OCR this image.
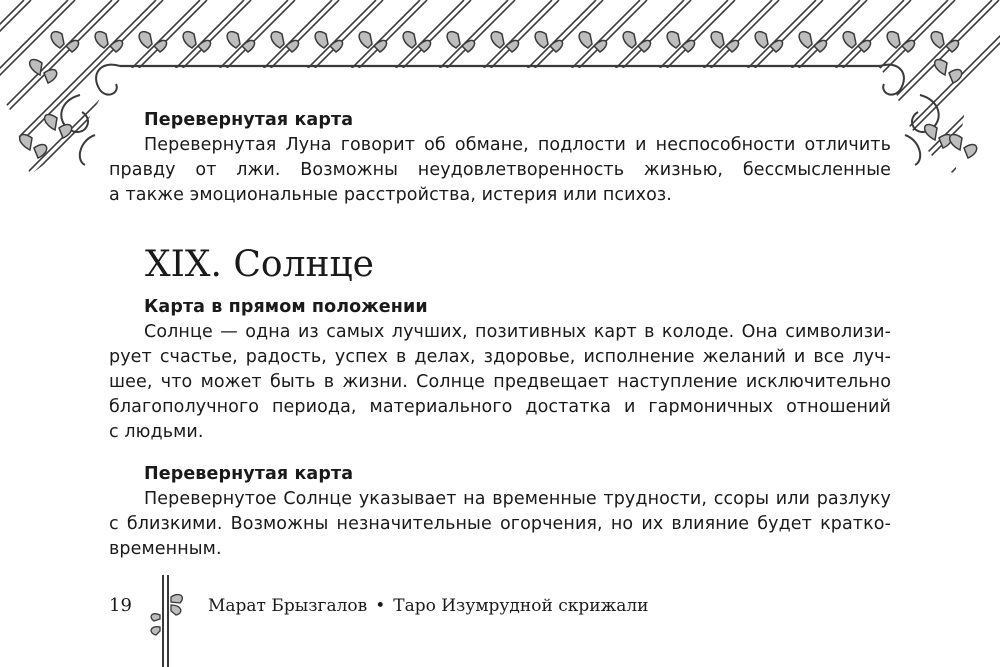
Перевернутая карта
Перевернутая Луна говорит об обмане, подлости и неспособности отличить
правду от лжи. Возможны неудовлетворенность жизнью, бессмысленные
а также эмоциональные расстройства, истерия или психоз.
XIX. Солнце
Карта в прямом положении
Солнце — одна из самых лучших, позитивных карт в колоде. Она символизи-
рует счастье, радость, успех в делах, здоровье, исполнение желаний и все луч-
шее, что может быть в жизни. Солнце предвещает наступление исключительно
благополучного периода, материального достатка и гармоничных отношений
с людьми.
Перевернутая карта
Перевернутое Солнце указывает на временные трудности, ссоры или разлуку
с близкими. Возможны незначительные огорчения, но их влияние будет кратко-
временным.
19	Марат Брызгалов • Таро Изумрудной скрижали
